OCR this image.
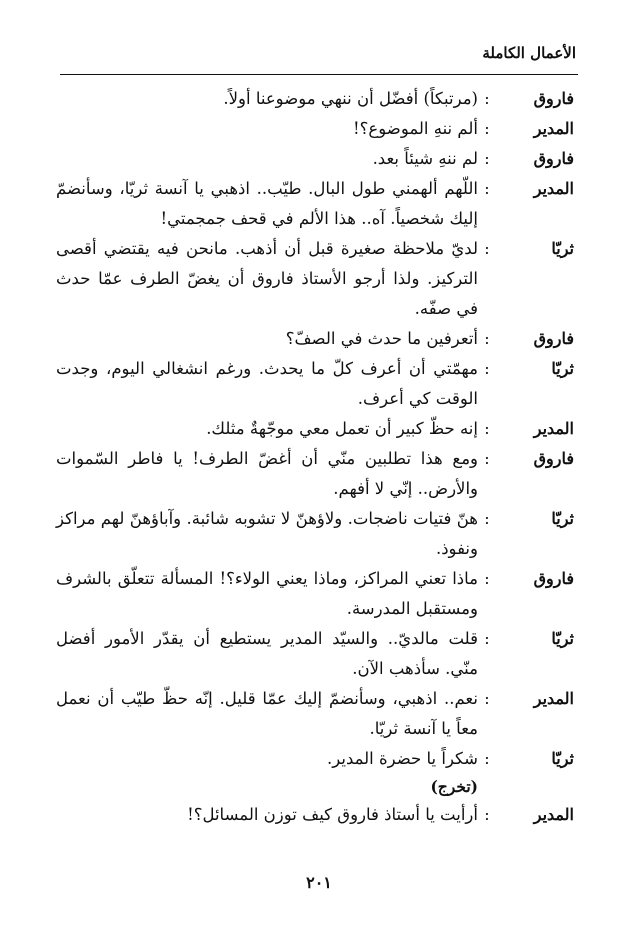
الأعمال الكاملة
فاروق
:
(مرتبكاً) أفضّل أن ننهي موضوعنا أولاً.
المدير
:
ألم ننهِ الموضوع؟!
فاروق
:
لم ننهِ شيئاً بعد.
المدير
:
اللّهم ألهمني طول البال. طيّب.. اذهبي يا آنسة ثريّا، وسأنضمّ إليك شخصياً. آه.. هذا الألم في قحف جمجمتي!
ثريّا
:
لديّ ملاحظة صغيرة قبل أن أذهب. مانحن فيه يقتضي أقصى التركيز. ولذا أرجو الأستاذ فاروق أن يغضّ الطرف عمّا حدث في صفّه.
فاروق
:
أتعرفين ما حدث في الصفّ؟
ثريّا
:
مهمّتي أن أعرف كلّ ما يحدث. ورغم انشغالي اليوم، وجدت الوقت كي أعرف.
المدير
:
إنه حظّ كبير أن تعمل معي موجّهةٌ مثلك.
فاروق
:
ومع هذا تطلبين منّي أن أغضّ الطرف! يا فاطر السّموات والأرض.. إنّي لا أفهم.
ثريّا
:
هنّ فتيات ناضجات. ولاؤهنّ لا تشوبه شائبة. وآباؤهنّ لهم مراكز ونفوذ.
فاروق
:
ماذا تعني المراكز، وماذا يعني الولاء؟! المسألة تتعلّق بالشرف ومستقبل المدرسة.
ثريّا
:
قلت مالديّ.. والسيّد المدير يستطيع أن يقدّر الأمور أفضل منّي. سأذهب الآن.
المدير
:
نعم.. اذهبي، وسأنضمّ إليك عمّا قليل. إنّه حظّ طيّب أن نعمل معاً يا آنسة ثريّا.
ثريّا
:
شكراً يا حضرة المدير.
(تخرج)
المدير
:
أرأيت يا أستاذ فاروق كيف توزن المسائل؟!
٢٠١
